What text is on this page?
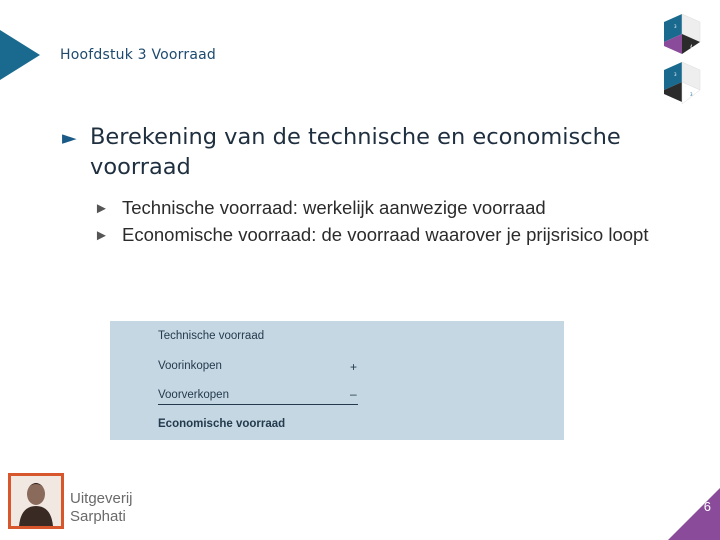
Hoofdstuk 3 Voorraad
3
4
3
3
► Berekening van de technische en economische voorraad
► Technische voorraad: werkelijk aanwezige voorraad
► Economische voorraad: de voorraad waarover je prijsrisico loopt
Technische voorraad
Voorinkopen	+
Voorverkopen	–
Economische voorraad
Uitgeverij
Sarphati
6
